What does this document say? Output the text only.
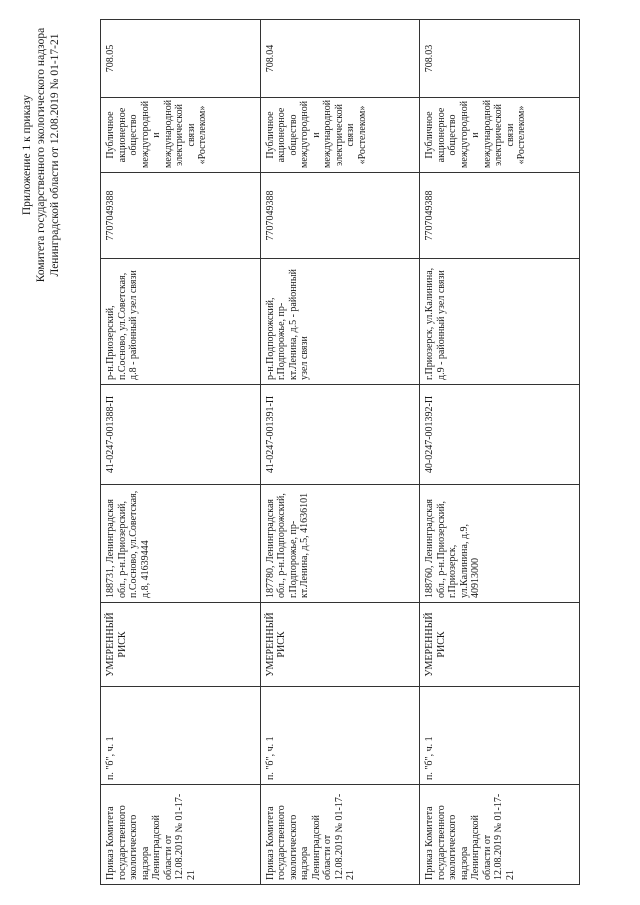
Приложение 1 к приказу Комитета государственного экологического надзора Ленинградской области от 12.08.2019 № 01-17-21
Приказ Комитета государственного экологического надзора Ленинградской области от 12.08.2019 № 01-17-21	п. "б", ч. 1	УМЕРЕННЫЙ РИСК	188731, Ленинградская обл., р-н.Приозерский, п.Сосново, ул.Советская, д.8, 41639444	41-0247-001388-П	р-н.Приозерский, п.Сосново, ул.Советская, д.8 - районный узел связи	7707049388	Публичное акционерное общество междугородной и международной электрической связи «Ростелеком»	708.05
Приказ Комитета государственного экологического надзора Ленинградской области от 12.08.2019 № 01-17-21	п. "б", ч. 1	УМЕРЕННЫЙ РИСК	187780, Ленинградская обл., р-н.Подпорожский, г.Подпорожье, пр-кт.Ленина, д.5, 41636101	41-0247-001391-П	р-н.Подпорожский, г.Подпорожье, пр-кт.Ленина, д.5 - районный узел связи	7707049388	Публичное акционерное общество междугородной и международной электрической связи «Ростелеком»	708.04
Приказ Комитета государственного экологического надзора Ленинградской области от 12.08.2019 № 01-17-21	п. "б", ч. 1	УМЕРЕННЫЙ РИСК	188760, Ленинградская обл., р-н.Приозерский, г.Приозерск, ул.Калинина, д.9, 40913000	40-0247-001392-П	г.Приозерск, ул.Калинина, д.9 - районный узел связи	7707049388	Публичное акционерное общество междугородной и международной электрической связи «Ростелеком»	708.03
